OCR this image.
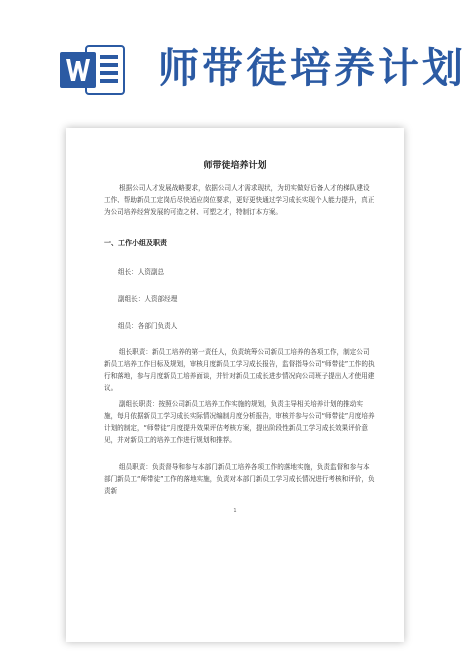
师带徒培养计划
师带徒培养计划
根据公司人才发展战略要求，依据公司人才需求现状，为切实做好后备人才的梯队建设工作、帮助新员工定岗后尽快适应岗位要求，更好更快通过学习成长实现个人能力提升，真正为公司培养经营发展的可造之材、可塑之才，特制订本方案。
一、工作小组及职责
组长：人资副总
副组长：人资部经理
组员：各部门负责人
组长职责：新员工培养的第一责任人，负责统筹公司新员工培养的各项工作，制定公司新员工培养工作目标及规划，审核月度新员工学习成长报告，监督指导公司“师带徒”工作的执行和落地，参与月度新员工培养面谈，并针对新员工成长进步情况向公司班子提出人才使用建议。
副组长职责：按照公司新员工培养工作实施的规划，负责主导相关培养计划的推动实施，每月依据新员工学习成长实际情况编制月度分析报告，审核并参与公司“师带徒”月度培养计划的制定，“师带徒”月度提升效果评估考核方案，提出阶段性新员工学习成长效果评价意见，并对新员工的培养工作进行规划和推荐。
组员职责：负责督导和参与本部门新员工培养各项工作的落地实施，负责监督和参与本部门新员工“师带徒”工作的落地实施，负责对本部门新员工学习成长情况进行考核和评价，负责新
1
